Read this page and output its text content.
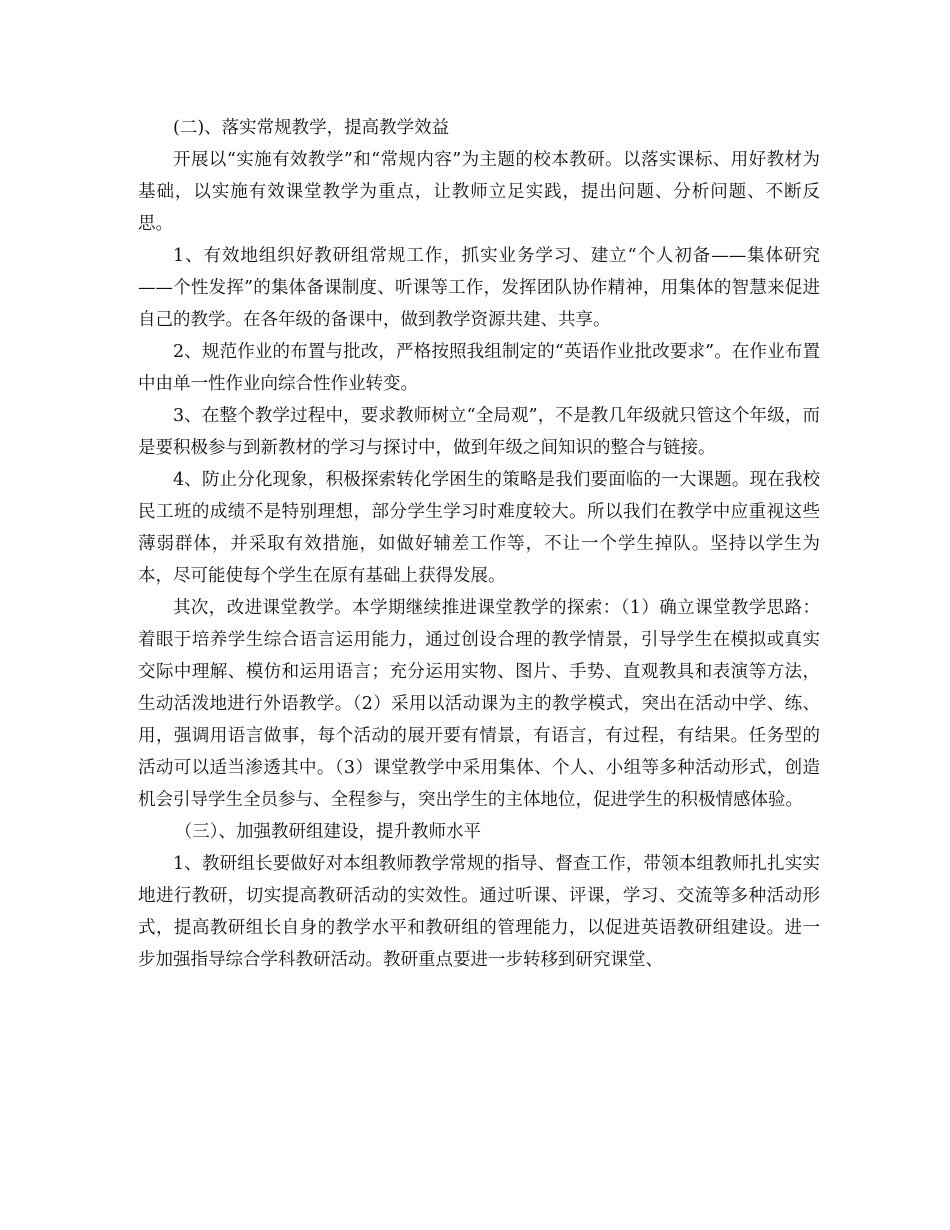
(二)、落实常规教学，提高教学效益

开展以“实施有效教学”和“常规内容”为主题的校本教研。以落实课标、用好教材为基础，以实施有效课堂教学为重点，让教师立足实践，提出问题、分析问题、不断反思。

1、有效地组织好教研组常规工作，抓实业务学习、建立“个人初备——集体研究——个性发挥”的集体备课制度、听课等工作，发挥团队协作精神，用集体的智慧来促进自己的教学。在各年级的备课中，做到教学资源共建、共享。

2、规范作业的布置与批改，严格按照我组制定的“英语作业批改要求”。在作业布置中由单一性作业向综合性作业转变。

3、在整个教学过程中，要求教师树立“全局观”，不是教几年级就只管这个年级，而是要积极参与到新教材的学习与探讨中，做到年级之间知识的整合与链接。

4、防止分化现象，积极探索转化学困生的策略是我们要面临的一大课题。现在我校民工班的成绩不是特别理想，部分学生学习时难度较大。所以我们在教学中应重视这些薄弱群体，并采取有效措施，如做好辅差工作等，不让一个学生掉队。坚持以学生为本，尽可能使每个学生在原有基础上获得发展。

其次，改进课堂教学。本学期继续推进课堂教学的探索：（1）确立课堂教学思路：着眼于培养学生综合语言运用能力，通过创设合理的教学情景，引导学生在模拟或真实交际中理解、模仿和运用语言；充分运用实物、图片、手势、直观教具和表演等方法，生动活泼地进行外语教学。（2）采用以活动课为主的教学模式，突出在活动中学、练、用，强调用语言做事，每个活动的展开要有情景，有语言，有过程，有结果。任务型的活动可以适当渗透其中。（3）课堂教学中采用集体、个人、小组等多种活动形式，创造机会引导学生全员参与、全程参与，突出学生的主体地位，促进学生的积极情感体验。

（三）、加强教研组建设，提升教师水平

1、教研组长要做好对本组教师教学常规的指导、督查工作，带领本组教师扎扎实实地进行教研，切实提高教研活动的实效性。通过听课、评课，学习、交流等多种活动形式，提高教研组长自身的教学水平和教研组的管理能力，以促进英语教研组建设。进一步加强指导综合学科教研活动。教研重点要进一步转移到研究课堂、
